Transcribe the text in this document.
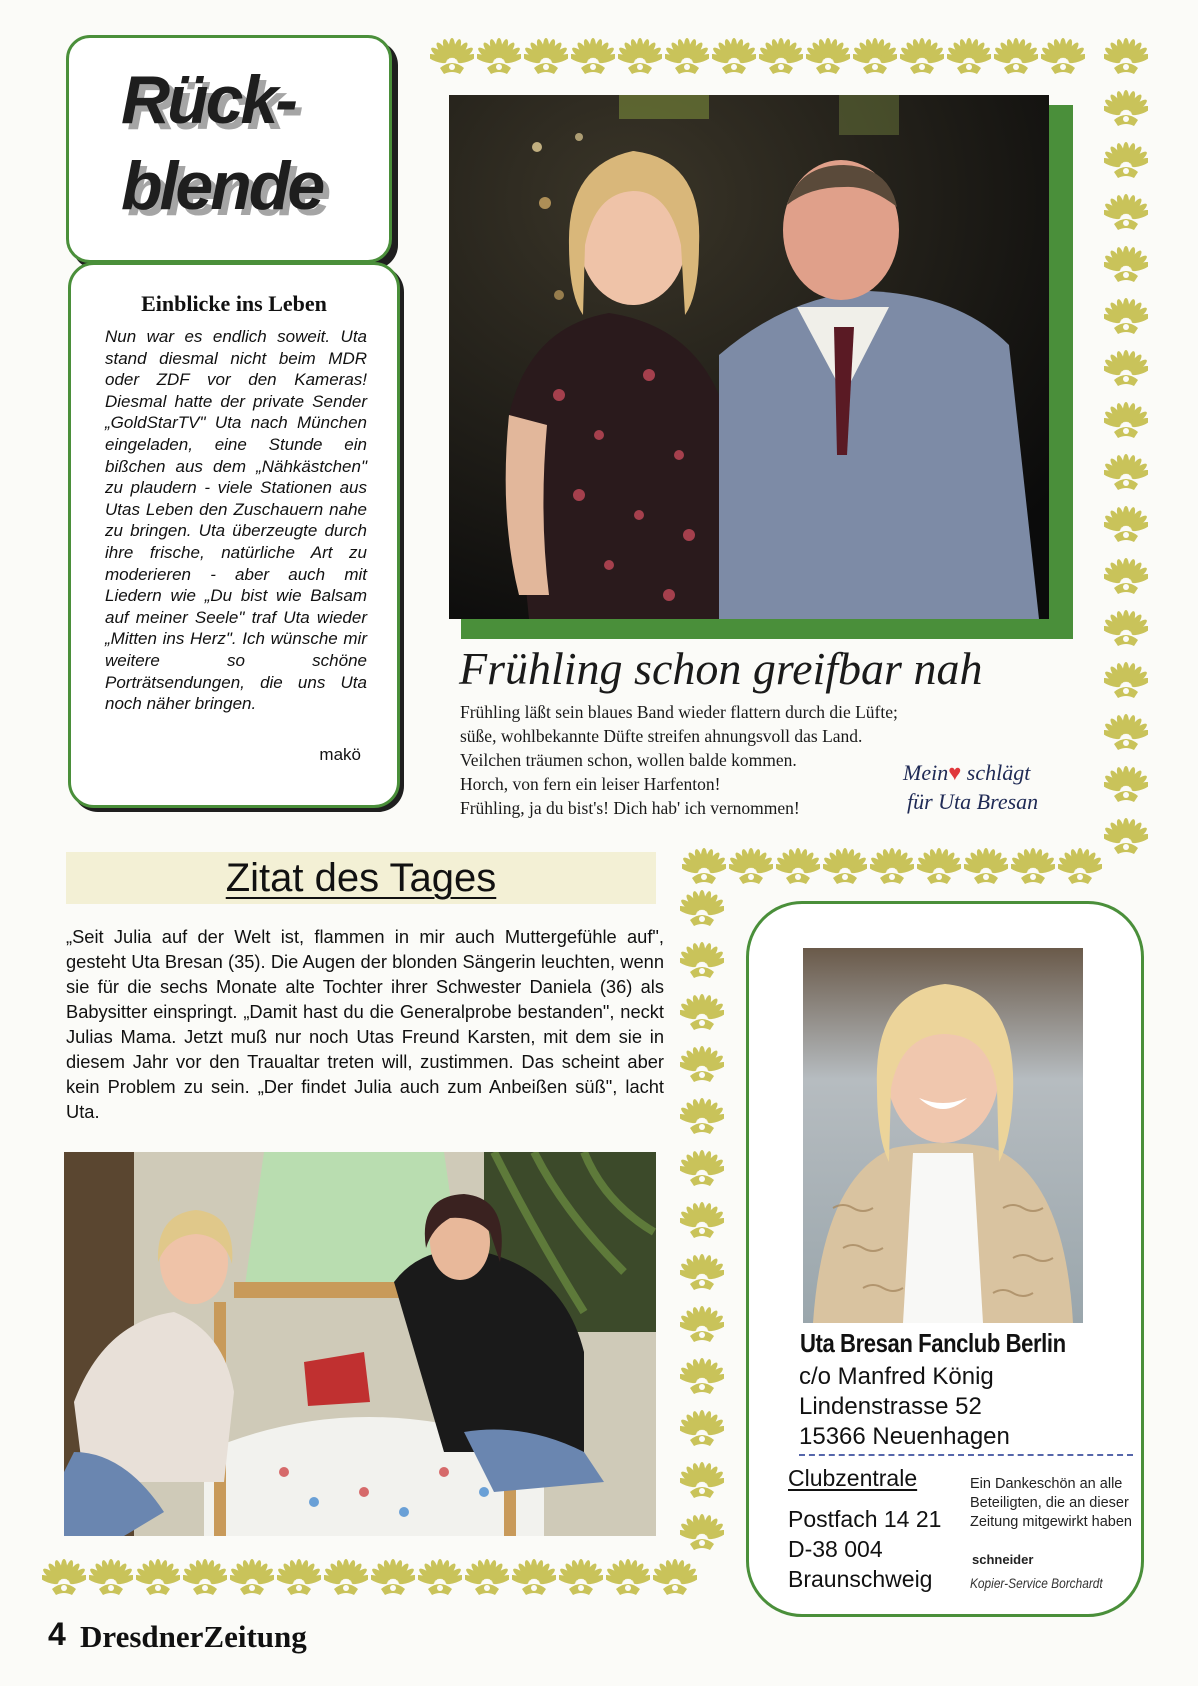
Rück-
blende
Einblicke ins Leben
Nun war es endlich soweit. Uta stand diesmal nicht beim MDR oder ZDF vor den Kameras! Diesmal hatte der private Sender „GoldStarTV" Uta nach München eingeladen, eine Stunde ein bißchen aus dem „Nähkästchen" zu plaudern - viele Stationen aus Utas Leben den Zuschauern nahe zu bringen. Uta überzeugte durch ihre frische, natürliche Art zu moderieren - aber auch mit Liedern wie „Du bist wie Balsam auf meiner Seele" traf Uta wieder „Mitten ins Herz". Ich wünsche mir weitere so schöne Porträtsendungen, die uns Uta noch näher bringen.
makö
Frühling schon greifbar nah
Frühling läßt sein blaues Band wieder flattern durch die Lüfte;
süße, wohlbekannte Düfte streifen ahnungsvoll das Land.
Veilchen träumen schon, wollen balde kommen.
Horch, von fern ein leiser Harfenton!
Frühling, ja du bist's! Dich hab' ich vernommen!
Mein♥ schlägt
für Uta Bresan
Zitat des Tages
„Seit Julia auf der Welt ist, flammen in mir auch Muttergefühle auf", gesteht Uta Bresan (35). Die Augen der blonden Sängerin leuchten, wenn sie für die sechs Monate alte Tochter ihrer Schwester Daniela (36) als Babysitter einspringt. „Damit hast du die Generalprobe bestanden", neckt Julias Mama. Jetzt muß nur noch Utas Freund Karsten, mit dem sie in diesem Jahr vor den Traualtar treten will, zustimmen. Das scheint aber kein Problem zu sein. „Der findet Julia auch zum Anbeißen süß", lacht Uta.
Uta Bresan Fanclub Berlin
c/o Manfred König
Lindenstrasse 52
15366 Neuenhagen
Clubzentrale
Postfach 14 21
D-38 004
Braunschweig
Ein Dankeschön an alle Beteiligten, die an dieser Zeitung mitgewirkt haben
schneider
Kopier-Service Borchardt
4 DresdnerZeitung
